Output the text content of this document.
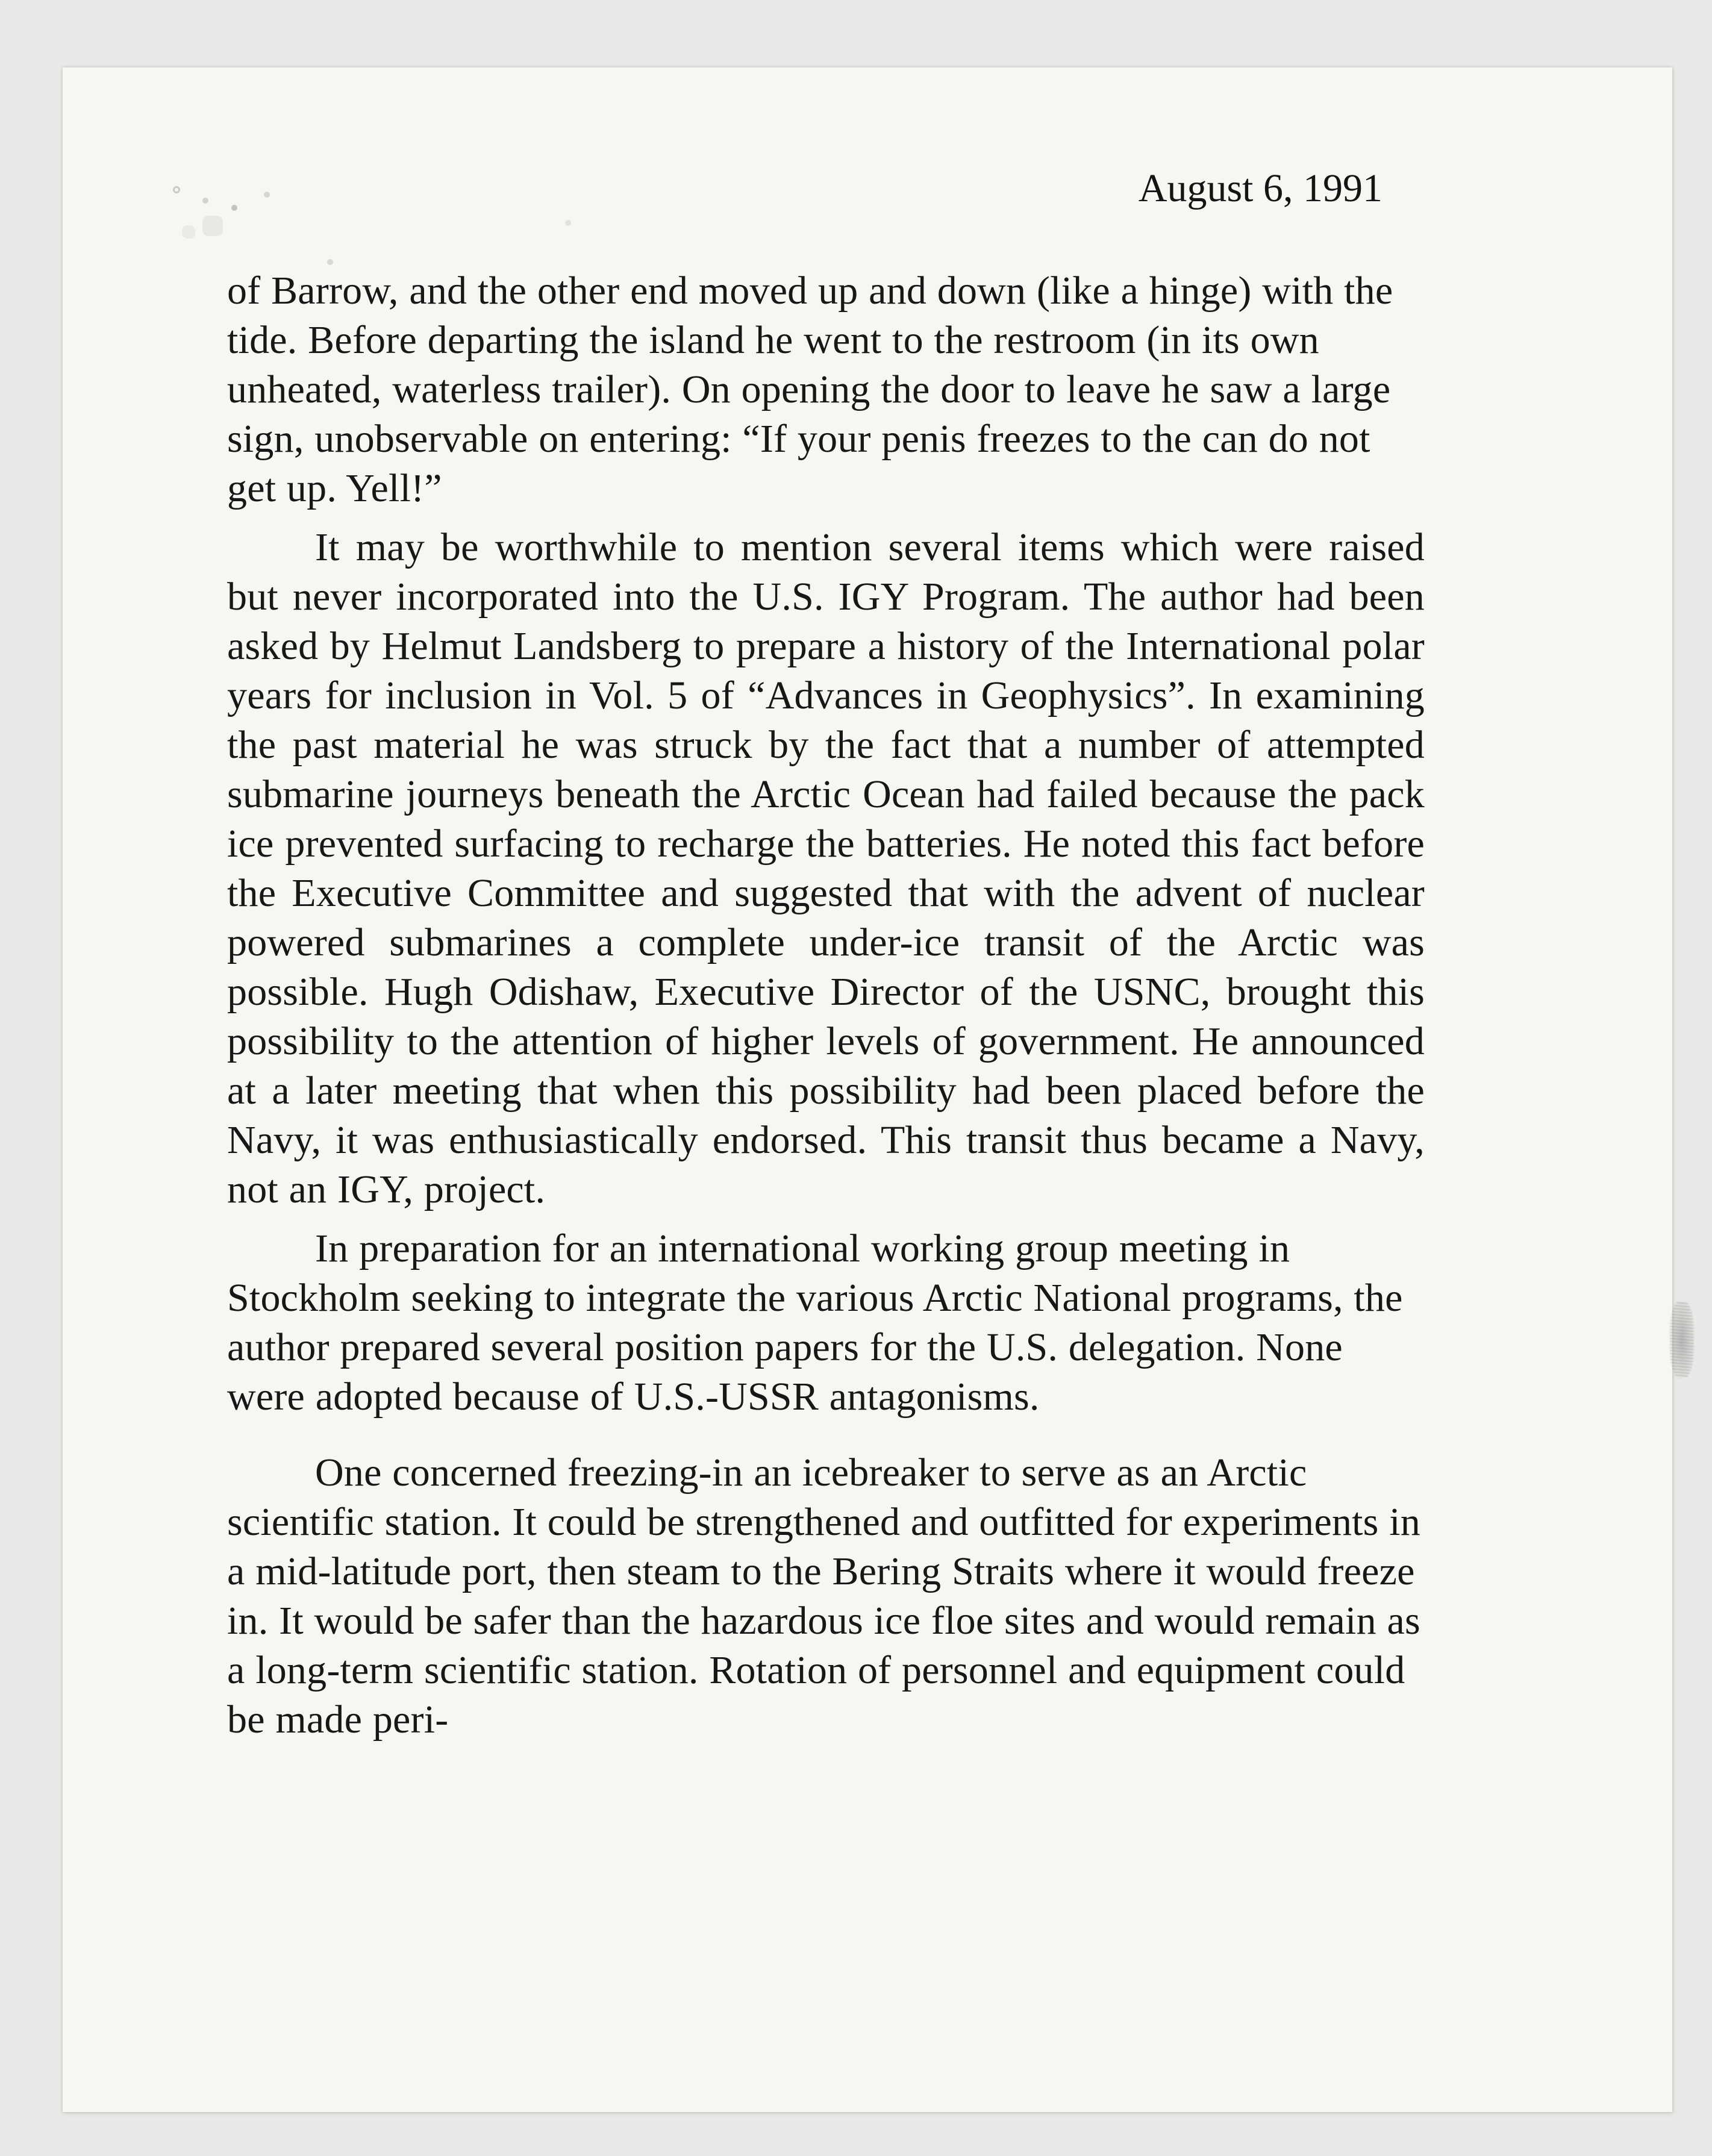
August 6, 1991

of Barrow, and the other end moved up and down (like a hinge) with the tide. Before departing the island he went to the restroom (in its own unheated, waterless trailer). On opening the door to leave he saw a large sign, unobservable on entering: “If your penis freezes to the can do not get up. Yell!”

It may be worthwhile to mention several items which were raised but never incorporated into the U.S. IGY Program. The author had been asked by Helmut Landsberg to prepare a history of the International polar years for inclusion in Vol. 5 of “Advances in Geophysics”. In examining the past material he was struck by the fact that a number of attempted submarine journeys beneath the Arctic Ocean had failed because the pack ice prevented surfacing to recharge the batteries. He noted this fact before the Executive Committee and suggested that with the advent of nuclear powered submarines a complete under-ice transit of the Arctic was possible. Hugh Odishaw, Executive Director of the USNC, brought this possibility to the attention of higher levels of government. He announced at a later meeting that when this possibility had been placed before the Navy, it was enthusiastically endorsed. This transit thus became a Navy, not an IGY, project.

In preparation for an international working group meeting in Stockholm seeking to integrate the various Arctic National programs, the author prepared several position papers for the U.S. delegation. None were adopted because of U.S.-USSR antagonisms.

One concerned freezing-in an icebreaker to serve as an Arctic scientific station. It could be strengthened and outfitted for experiments in a mid-latitude port, then steam to the Bering Straits where it would freeze in. It would be safer than the hazardous ice floe sites and would remain as a long-term scientific station. Rotation of personnel and equipment could be made peri-
